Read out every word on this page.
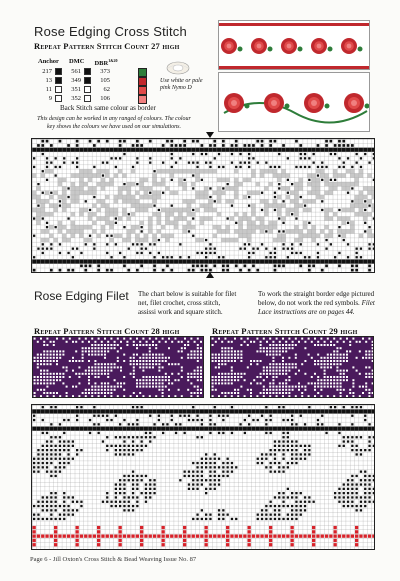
Rose Edging Cross Stitch
Repeat Pattern Stitch Count 27 high
Anchor DMC $DBR^{1\&20}$
217	561	373
13	349	105
11	351	62
9	352	106
Use white or pale pink Nymo D
Back Stitch same colour as border
This design can be worked in any ranged of colours. The colour key shows the colours we have used on our simulations.
Rose Edging Filet The chart below is suitable for filet net, filet crochet, cross stitch, assissi work and square stitch.
To work the straight border edge pictured below, do not work the red symbols. Filet Lace instructions are on pages 44.
Repeat Pattern Stitch Count 28 high	Repeat Pattern Stitch Count 29 high
Page 6 - Jill Oxton's Cross Stitch & Bead Weaving Issue No. 87
